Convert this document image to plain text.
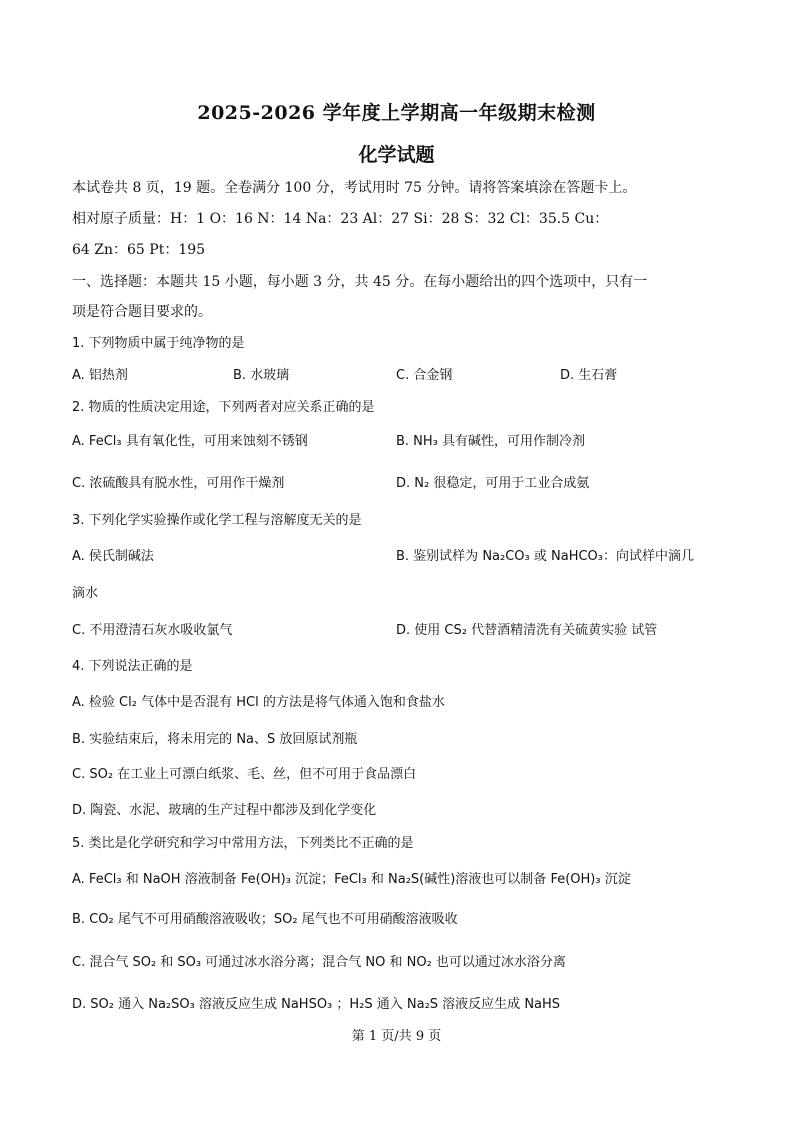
2025-2026 学年度上学期高一年级期末检测
化学试题
本试卷共 8 页，19 题。全卷满分 100 分，考试用时 75 分钟。请将答案填涂在答题卡上。
相对原子质量：H：1 O：16 N：14 Na：23 Al：27 Si：28 S：32 Cl：35.5 Cu：
64 Zn：65 Pt：195
一、选择题：本题共 15 小题，每小题 3 分，共 45 分。在每小题给出的四个选项中，只有一
项是符合题目要求的。
1. 下列物质中属于纯净物的是
A. 铝热剂	B. 水玻璃	C. 合金钢	D. 生石膏
2. 物质的性质决定用途，下列两者对应关系正确的是
A. FeCl₃ 具有氧化性，可用来蚀刻不锈钢	B. NH₃ 具有碱性，可用作制冷剂
C. 浓硫酸具有脱水性，可用作干燥剂	D. N₂ 很稳定，可用于工业合成氨
3. 下列化学实验操作或化学工程与溶解度无关的是
A. 侯氏制碱法	B. 鉴别试样为 Na₂CO₃ 或 NaHCO₃：向试样中滴几
滴水
C. 不用澄清石灰水吸收氯气	D. 使用 CS₂ 代替酒精清洗有关硫黄实验 试管
4. 下列说法正确的是
A. 检验 Cl₂ 气体中是否混有 HCl 的方法是将气体通入饱和食盐水
B. 实验结束后，将未用完的 Na、S 放回原试剂瓶
C. SO₂ 在工业上可漂白纸浆、毛、丝，但不可用于食品漂白
D. 陶瓷、水泥、玻璃的生产过程中都涉及到化学变化
5. 类比是化学研究和学习中常用方法，下列类比不正确的是
A. FeCl₃ 和 NaOH 溶液制备 Fe(OH)₃ 沉淀；FeCl₃ 和 Na₂S(碱性)溶液也可以制备 Fe(OH)₃ 沉淀
B. CO₂ 尾气不可用硝酸溶液吸收；SO₂ 尾气也不可用硝酸溶液吸收
C. 混合气 SO₂ 和 SO₃ 可通过冰水浴分离；混合气 NO 和 NO₂ 也可以通过冰水浴分离
D. SO₂ 通入 Na₂SO₃ 溶液反应生成 NaHSO₃ ；H₂S 通入 Na₂S 溶液反应生成 NaHS
第 1 页/共 9 页
